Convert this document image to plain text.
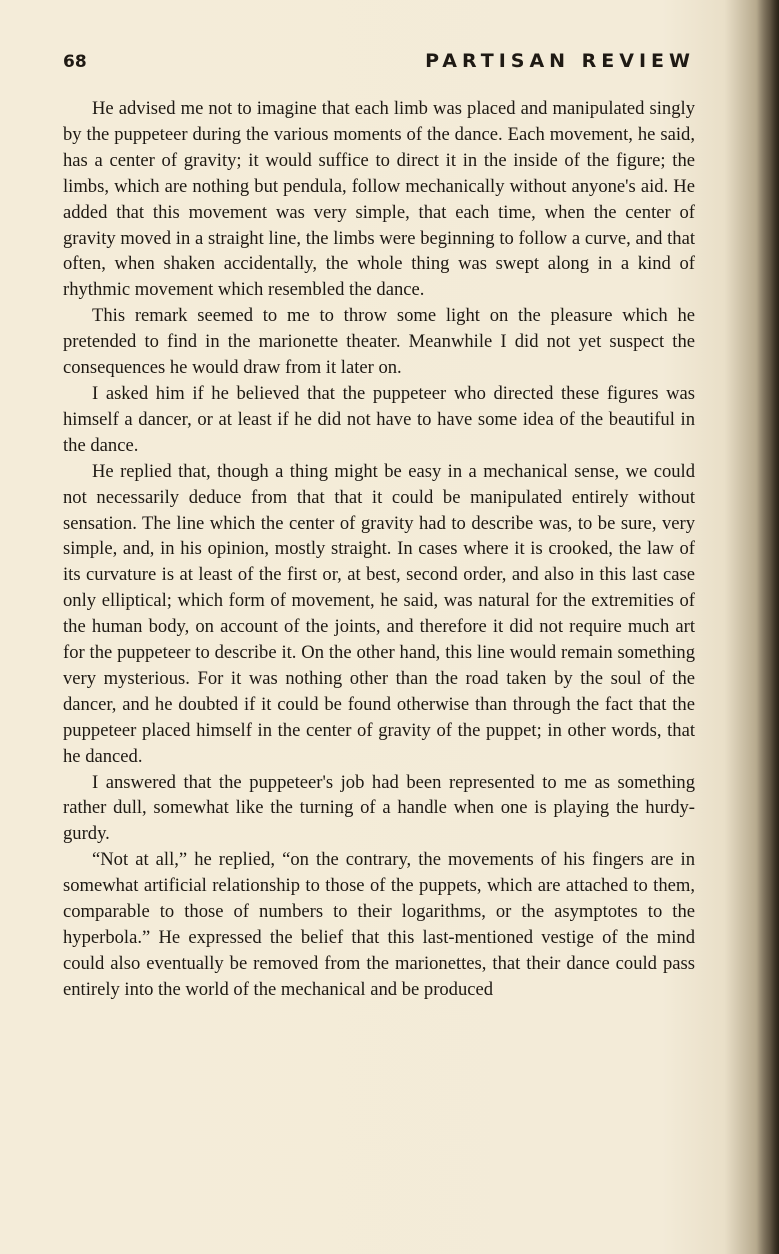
68	PARTISAN REVIEW

He advised me not to imagine that each limb was placed and manipulated singly by the puppeteer during the various moments of the dance. Each movement, he said, has a center of gravity; it would suffice to direct it in the inside of the figure; the limbs, which are nothing but pendula, follow mechanically without anyone's aid. He added that this movement was very simple, that each time, when the center of gravity moved in a straight line, the limbs were beginning to follow a curve, and that often, when shaken accidentally, the whole thing was swept along in a kind of rhythmic movement which resembled the dance.

This remark seemed to me to throw some light on the pleasure which he pretended to find in the marionette theater. Meanwhile I did not yet suspect the consequences he would draw from it later on.

I asked him if he believed that the puppeteer who directed these figures was himself a dancer, or at least if he did not have to have some idea of the beautiful in the dance.

He replied that, though a thing might be easy in a mechanical sense, we could not necessarily deduce from that that it could be manipulated entirely without sensation. The line which the center of gravity had to describe was, to be sure, very simple, and, in his opinion, mostly straight. In cases where it is crooked, the law of its curvature is at least of the first or, at best, second order, and also in this last case only elliptical; which form of movement, he said, was natural for the extremities of the human body, on account of the joints, and therefore it did not require much art for the puppeteer to describe it. On the other hand, this line would remain something very mysterious. For it was nothing other than the road taken by the soul of the dancer, and he doubted if it could be found otherwise than through the fact that the puppeteer placed himself in the center of gravity of the puppet; in other words, that he danced.

I answered that the puppeteer's job had been represented to me as something rather dull, somewhat like the turning of a handle when one is playing the hurdy-gurdy.

“Not at all,” he replied, “on the contrary, the movements of his fingers are in somewhat artificial relationship to those of the puppets, which are attached to them, comparable to those of numbers to their logarithms, or the asymptotes to the hyperbola.” He expressed the belief that this last-mentioned vestige of the mind could also eventually be removed from the marionettes, that their dance could pass entirely into the world of the mechanical and be produced
